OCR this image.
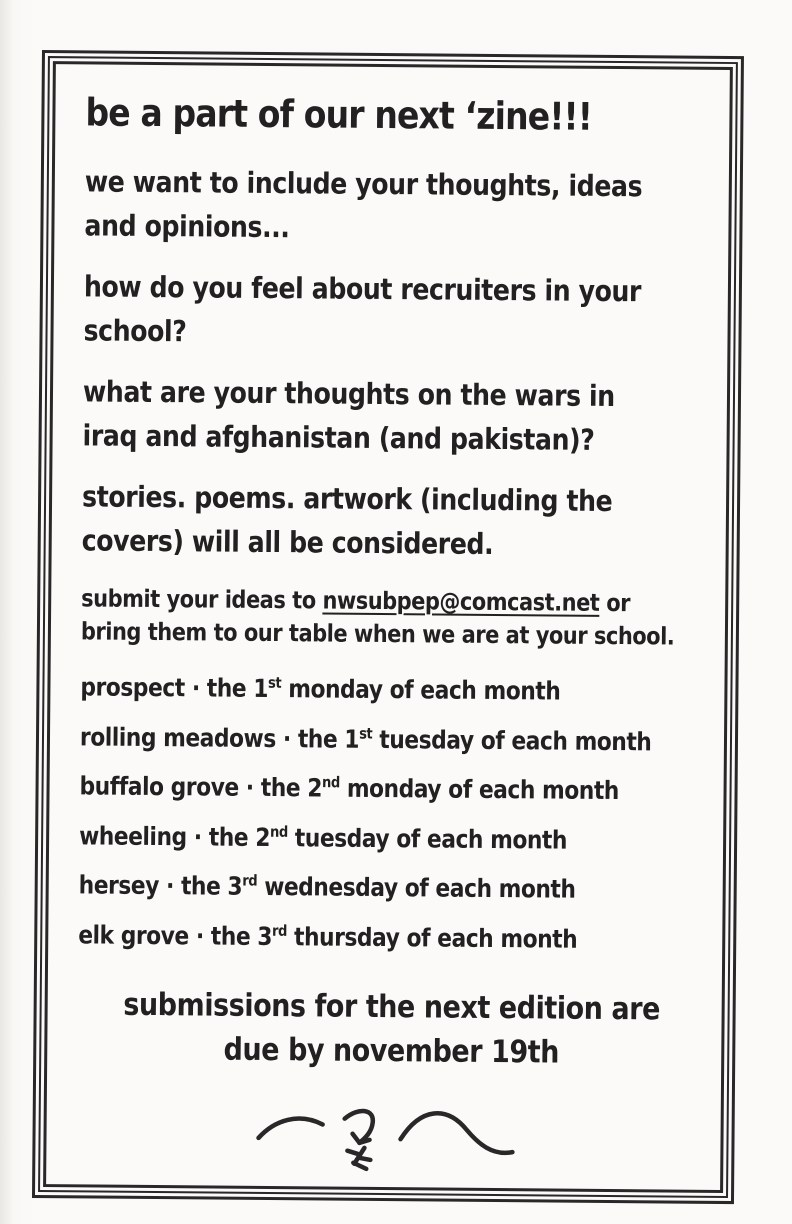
be a part of our next ‘zine!!!
we want to include your thoughts, ideas
and opinions...
how do you feel about recruiters in your
school?
what are your thoughts on the wars in
iraq and afghanistan (and pakistan)?
stories. poems. artwork (including the
covers) will all be considered.
submit your ideas to nwsubpep@comcast.net or
bring them to our table when we are at your school.
prospect · the 1st monday of each month
rolling meadows · the 1st tuesday of each month
buffalo grove · the 2nd monday of each month
wheeling · the 2nd tuesday of each month
hersey · the 3rd wednesday of each month
elk grove · the 3rd thursday of each month
submissions for the next edition are
due by november 19th
